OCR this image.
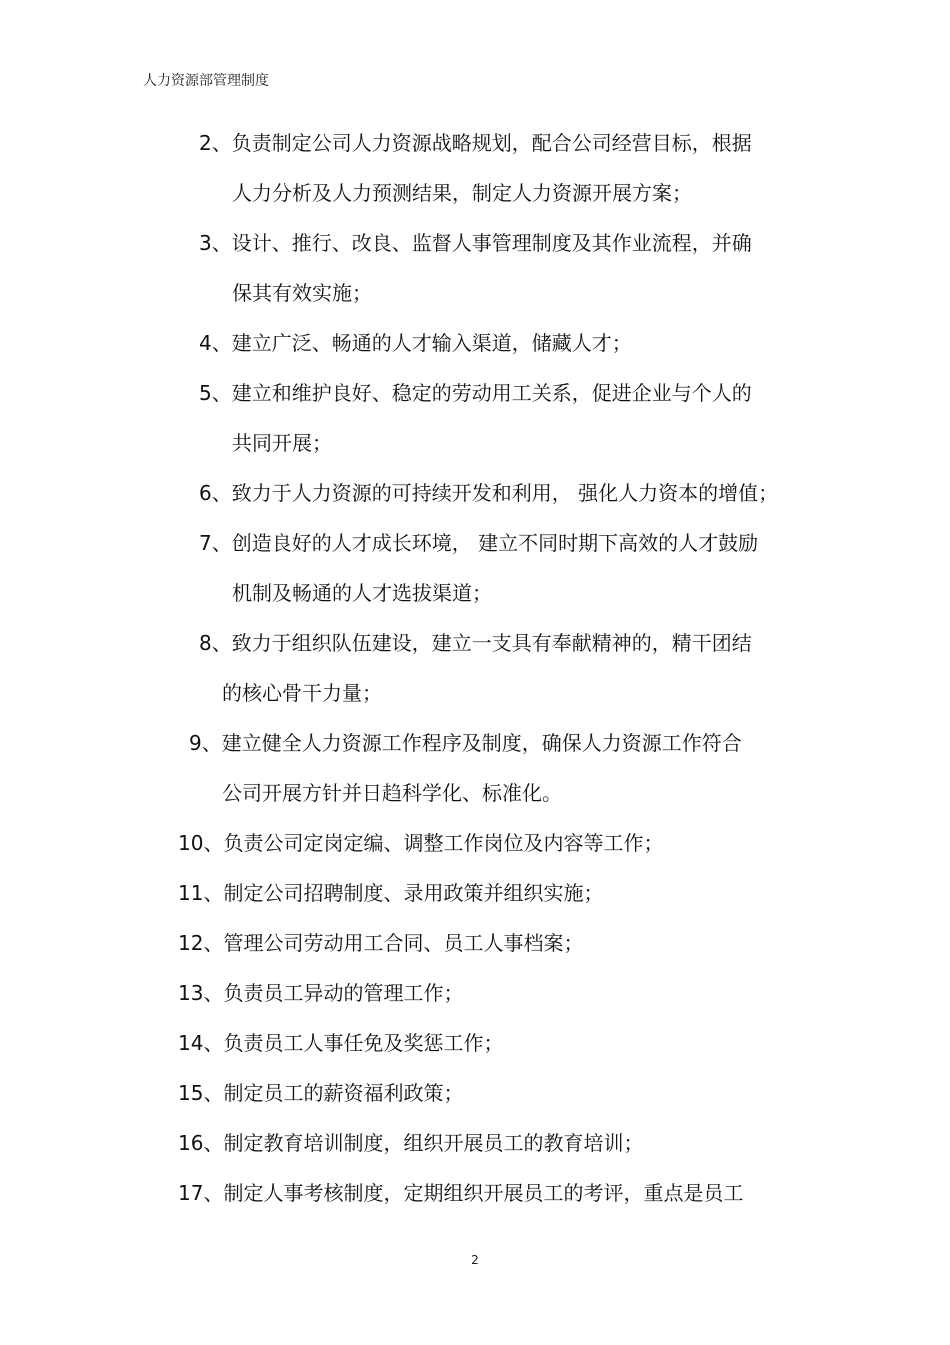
人力资源部管理制度
2、负责制定公司人力资源战略规划，配合公司经营目标，根据
人力分析及人力预测结果，制定人力资源开展方案；
3、设计、推行、改良、监督人事管理制度及其作业流程，并确
保其有效实施；
4、建立广泛、畅通的人才输入渠道，储藏人才；
5、建立和维护良好、稳定的劳动用工关系，促进企业与个人的
共同开展；
6、致力于人力资源的可持续开发和利用， 强化人力资本的增值；
7、创造良好的人才成长环境， 建立不同时期下高效的人才鼓励
机制及畅通的人才选拔渠道；
8、致力于组织队伍建设，建立一支具有奉献精神的，精干团结
的核心骨干力量；
9、建立健全人力资源工作程序及制度，确保人力资源工作符合
公司开展方针并日趋科学化、标准化。
10、负责公司定岗定编、调整工作岗位及内容等工作；
11、制定公司招聘制度、录用政策并组织实施；
12、管理公司劳动用工合同、员工人事档案；
13、负责员工异动的管理工作；
14、负责员工人事任免及奖惩工作；
15、制定员工的薪资福利政策；
16、制定教育培训制度，组织开展员工的教育培训；
17、制定人事考核制度，定期组织开展员工的考评，重点是员工
2
